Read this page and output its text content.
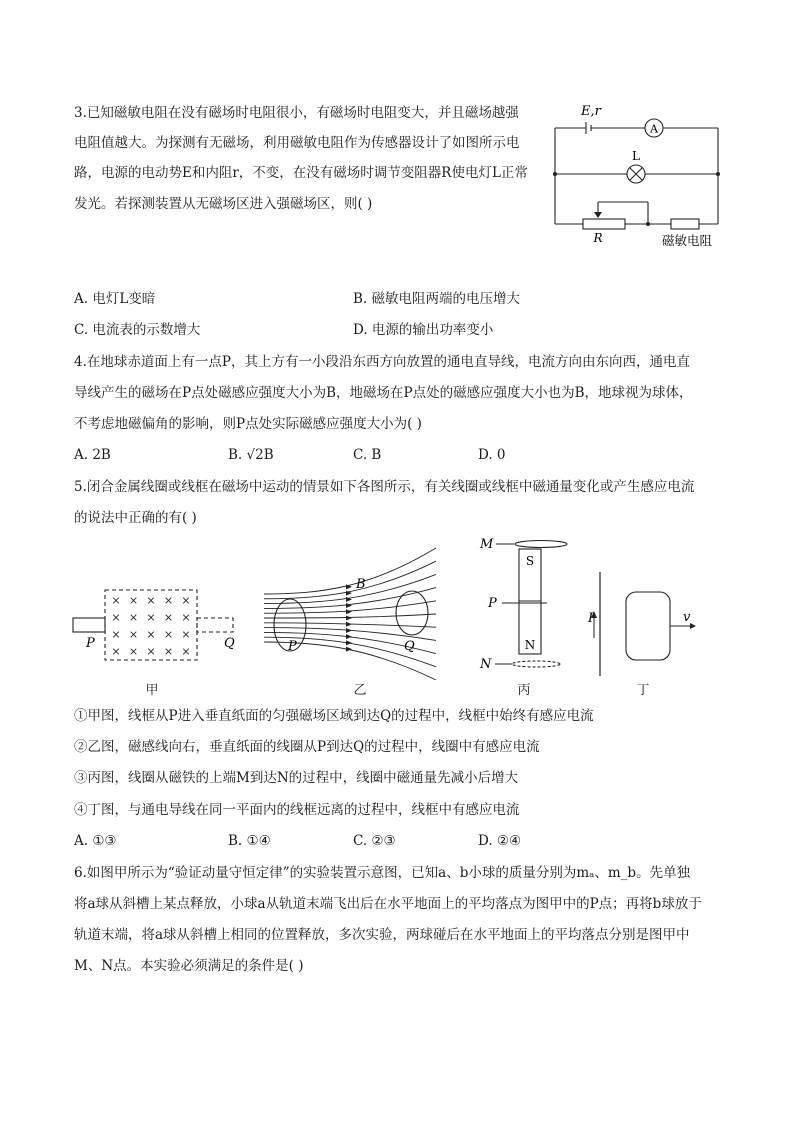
3.已知磁敏电阻在没有磁场时电阻很小，有磁场时电阻变大，并且磁场越强
电阻值越大。为探测有无磁场，利用磁敏电阻作为传感器设计了如图所示电
路，电源的电动势E和内阻r，不变，在没有磁场时调节变阻器R使电灯L正常
发光。若探测装置从无磁场区进入强磁场区，则( )
E,r
A
L
R	磁敏电阻
A. 电灯L变暗	B. 磁敏电阻两端的电压增大
C. 电流表的示数增大	D. 电源的输出功率变小
4.在地球赤道面上有一点P，其上方有一小段沿东西方向放置的通电直导线，电流方向由东向西，通电直
导线产生的磁场在P点处磁感应强度大小为B，地磁场在P点处的磁感应强度大小也为B，地球视为球体，
不考虑地磁偏角的影响，则P点处实际磁感应强度大小为( )
A. 2B	B. √2B	C. B	D. 0
5.闭合金属线圈或线框在磁场中运动的情景如下各图所示，有关线圈或线框中磁通量变化或产生感应电流
的说法中正确的有( )
× × × × ×
× × × × ×
× × × × ×
× × × × ×
P	Q
甲
B
P	Q
乙
M
P
N
S
N
丙
I	v
丁
①甲图，线框从P进入垂直纸面的匀强磁场区域到达Q的过程中，线框中始终有感应电流
②乙图，磁感线向右，垂直纸面的线圈从P到达Q的过程中，线圈中有感应电流
③丙图，线圈从磁铁的上端M到达N的过程中，线圈中磁通量先减小后增大
④丁图，与通电导线在同一平面内的线框远离的过程中，线框中有感应电流
A. ①③	B. ①④	C. ②③	D. ②④
6.如图甲所示为“验证动量守恒定律”的实验装置示意图，已知a、b小球的质量分别为mₐ、m_b。先单独
将a球从斜槽上某点释放，小球a从轨道末端飞出后在水平地面上的平均落点为图甲中的P点；再将b球放于
轨道末端，将a球从斜槽上相同的位置释放，多次实验，两球碰后在水平地面上的平均落点分别是图甲中
M、N点。本实验必须满足的条件是( )
